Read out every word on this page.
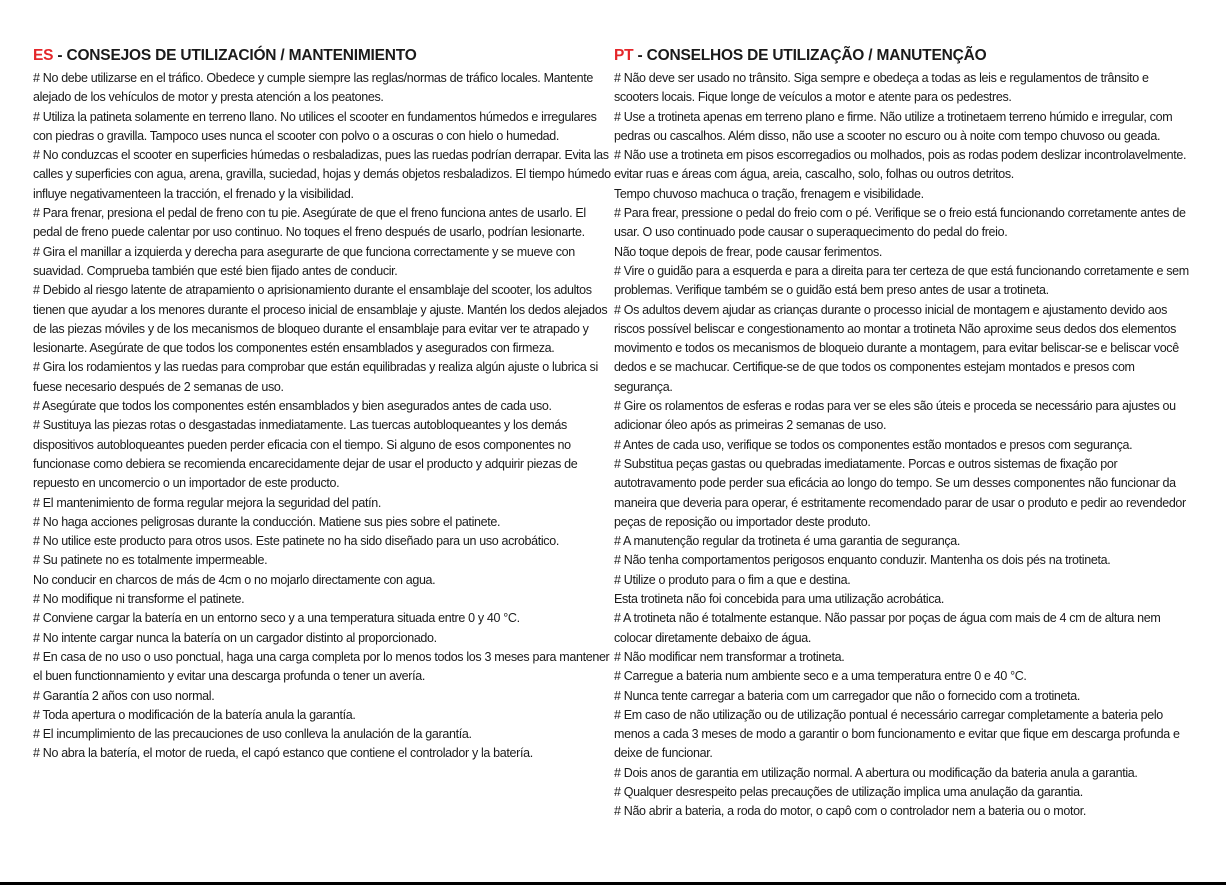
ES - CONSEJOS DE UTILIZACIÓN / MANTENIMIENTO

# No debe utilizarse en el tráfico. Obedece y cumple siempre las reglas/normas de tráfico locales. Mantente alejado de los vehículos de motor y presta atención a los peatones.

# Utiliza la patineta solamente en terreno llano. No utilices el scooter en fundamentos húmedos e irregulares con piedras o gravilla. Tampoco uses nunca el scooter con polvo o a oscuras o con hielo o humedad.

# No conduzcas el scooter en superficies húmedas o resbaladizas, pues las ruedas podrían derrapar. Evita las calles y superficies con agua, arena, gravilla, suciedad, hojas y demás objetos resbaladizos. El tiempo húmedo influye negativamenteen la tracción, el frenado y la visibilidad.

# Para frenar, presiona el pedal de freno con tu pie. Asegúrate de que el freno funciona antes de usarlo. El pedal de freno puede calentar por uso continuo. No toques el freno después de usarlo, podrían lesionarte.

# Gira el manillar a izquierda y derecha para asegurarte de que funciona correctamente y se mueve con suavidad. Comprueba también que esté bien fijado antes de conducir.

# Debido al riesgo latente de atrapamiento o aprisionamiento durante el ensamblaje del scooter, los adultos tienen que ayudar a los menores durante el proceso inicial de ensamblaje y ajuste. Mantén los dedos alejados de las piezas móviles y de los mecanismos de bloqueo durante el ensamblaje para evitar ver te atrapado y lesionarte. Asegúrate de que todos los componentes estén ensamblados y asegurados con firmeza.

# Gira los rodamientos y las ruedas para comprobar que están equilibradas y realiza algún ajuste o lubrica si fuese necesario después de 2 semanas de uso.

# Asegúrate que todos los componentes estén ensamblados y bien asegurados antes de cada uso.

# Sustituya las piezas rotas o desgastadas inmediatamente. Las tuercas autobloqueantes y los demás dispositivos autobloqueantes pueden perder eficacia con el tiempo. Si alguno de esos componentes no funcionase como debiera se recomienda encarecidamente dejar de usar el producto y adquirir piezas de repuesto en uncomercio o un importador de este producto.

# El mantenimiento de forma regular mejora la seguridad del patín.

# No haga acciones peligrosas durante la conducción. Matiene sus pies sobre el patinete.

# No utilice este producto para otros usos. Este patinete no ha sido diseñado para un uso acrobático.

# Su patinete no es totalmente impermeable.

No conducir en charcos de más de 4cm o no mojarlo directamente con agua.

# No modifique ni transforme el patinete.

# Conviene cargar la batería en un entorno seco y a una temperatura situada entre 0 y 40 °C.

# No intente cargar nunca la batería on un cargador distinto al proporcionado.

# En casa de no uso o uso ponctual, haga una carga completa por lo menos todos los 3 meses para mantener el buen functionnamiento y evitar una descarga profunda o tener un avería.

# Garantía 2 años con uso normal.

# Toda apertura o modificación de la batería anula la garantía.

# El incumplimiento de las precauciones de uso conlleva la anulación de la garantía.

# No abra la batería, el motor de rueda, el capó estanco que contiene el controlador y la batería.

PT - CONSELHOS DE UTILIZAÇÃO / MANUTENÇÃO

# Não deve ser usado no trânsito. Siga sempre e obedeça a todas as leis e regulamentos de trânsito e scooters locais. Fique longe de veículos a motor e atente para os pedestres.

# Use a trotineta apenas em terreno plano e firme. Não utilize a trotinetaem terreno húmido e irregular, com pedras ou cascalhos. Além disso, não use a scooter no escuro ou à noite com tempo chuvoso ou geada.

# Não use a trotineta em pisos escorregadios ou molhados, pois as rodas podem deslizar incontrolavelmente. evitar ruas e áreas com água, areia, cascalho, solo, folhas ou outros detritos.

Tempo chuvoso machuca o tração, frenagem e visibilidade.

# Para frear, pressione o pedal do freio com o pé. Verifique se o freio está funcionando corretamente antes de usar. O uso continuado pode causar o superaquecimento do pedal do freio.

Não toque depois de frear, pode causar ferimentos.

# Vire o guidão para a esquerda e para a direita para ter certeza de que está funcionando corretamente e sem problemas. Verifique também se o guidão está bem preso antes de usar a trotineta.

# Os adultos devem ajudar as crianças durante o processo inicial de montagem e ajustamento devido aos riscos possível beliscar e congestionamento ao montar a trotineta Não aproxime seus dedos dos elementos movimento e todos os mecanismos de bloqueio durante a montagem, para evitar beliscar-se e beliscar você dedos e se machucar. Certifique-se de que todos os componentes estejam montados e presos com segurança.

# Gire os rolamentos de esferas e rodas para ver se eles são úteis e proceda se necessário para ajustes ou adicionar óleo após as primeiras 2 semanas de uso.

# Antes de cada uso, verifique se todos os componentes estão montados e presos com segurança.

# Substitua peças gastas ou quebradas imediatamente. Porcas e outros sistemas de fixação por autotravamento pode perder sua eficácia ao longo do tempo. Se um desses componentes não funcionar da maneira que deveria para operar, é estritamente recomendado parar de usar o produto e pedir ao revendedor peças de reposição ou importador deste produto.

# A manutenção regular da trotineta é uma garantia de segurança.

# Não tenha comportamentos perigosos enquanto conduzir. Mantenha os dois pés na trotineta.

# Utilize o produto para o fim a que e destina.

Esta trotineta não foi concebida para uma utilização acrobática.

# A trotineta não é totalmente estanque. Não passar por poças de água com mais de 4 cm de altura nem colocar diretamente debaixo de água.

# Não modificar nem transformar a trotineta.

# Carregue a bateria num ambiente seco e a uma temperatura entre 0 e 40 °C.

# Nunca tente carregar a bateria com um carregador que não o fornecido com a trotineta.

# Em caso de não utilização ou de utilização pontual é necessário carregar completamente a bateria pelo menos a cada 3 meses de modo a garantir o bom funcionamento e evitar que fique em descarga profunda e deixe de funcionar.

# Dois anos de garantia em utilização normal. A abertura ou modificação da bateria anula a garantia.

# Qualquer desrespeito pelas precauções de utilização implica uma anulação da garantia.

# Não abrir a bateria, a roda do motor, o capô com o controlador nem a bateria ou o motor.
